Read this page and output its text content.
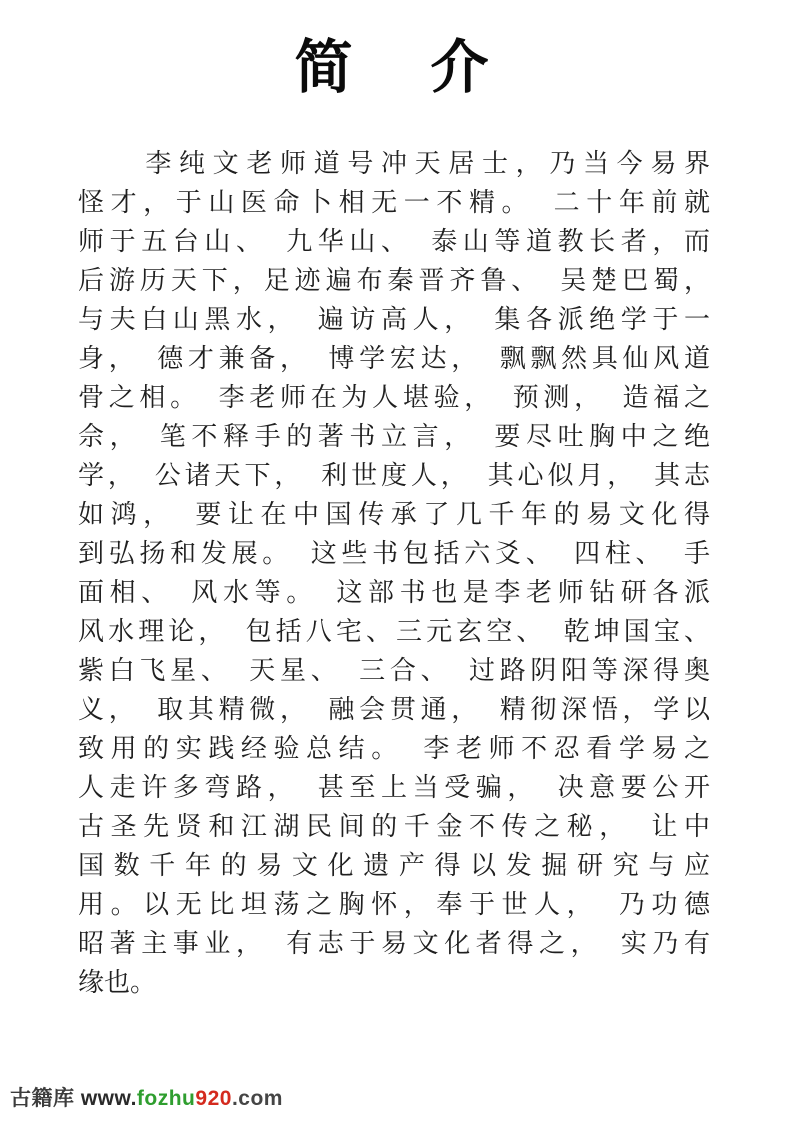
简　介
　　李纯文老师道号冲天居士，乃当今易界
怪才，于山医命卜相无一不精。　二十年前就
师于五台山、　九华山、　泰山等道教长者，而
后游历天下，足迹遍布秦晋齐鲁、　吴楚巴蜀，
与夫白山黑水，　遍访高人，　集各派绝学于一
身，　德才兼备，　博学宏达，　飘飘然具仙风道
骨之相。　李老师在为人堪验，　预测，　造福之
佘，　笔不释手的著书立言，　要尽吐胸中之绝
学，　公诸天下，　利世度人，　其心似月，　其志
如鸿，　要让在中国传承了几千年的易文化得
到弘扬和发展。　这些书包括六爻、　四柱、　手
面相、　风水等。　这部书也是李老师钻研各派
风水理论，　包括八宅、三元玄空、　乾坤国宝、
紫白飞星、　天星、　三合、　过路阴阳等深得奥
义，　取其精微，　融会贯通，　精彻深悟，学以
致用的实践经验总结。　李老师不忍看学易之
人走许多弯路，　甚至上当受骗，　决意要公开
古圣先贤和江湖民间的千金不传之秘，　让中
国数千年的易文化遗产得以发掘研究与应
用。以无比坦荡之胸怀，奉于世人，　乃功德
昭著主事业，　有志于易文化者得之，　实乃有
缘也。
古籍库 www.fozhu920.com
